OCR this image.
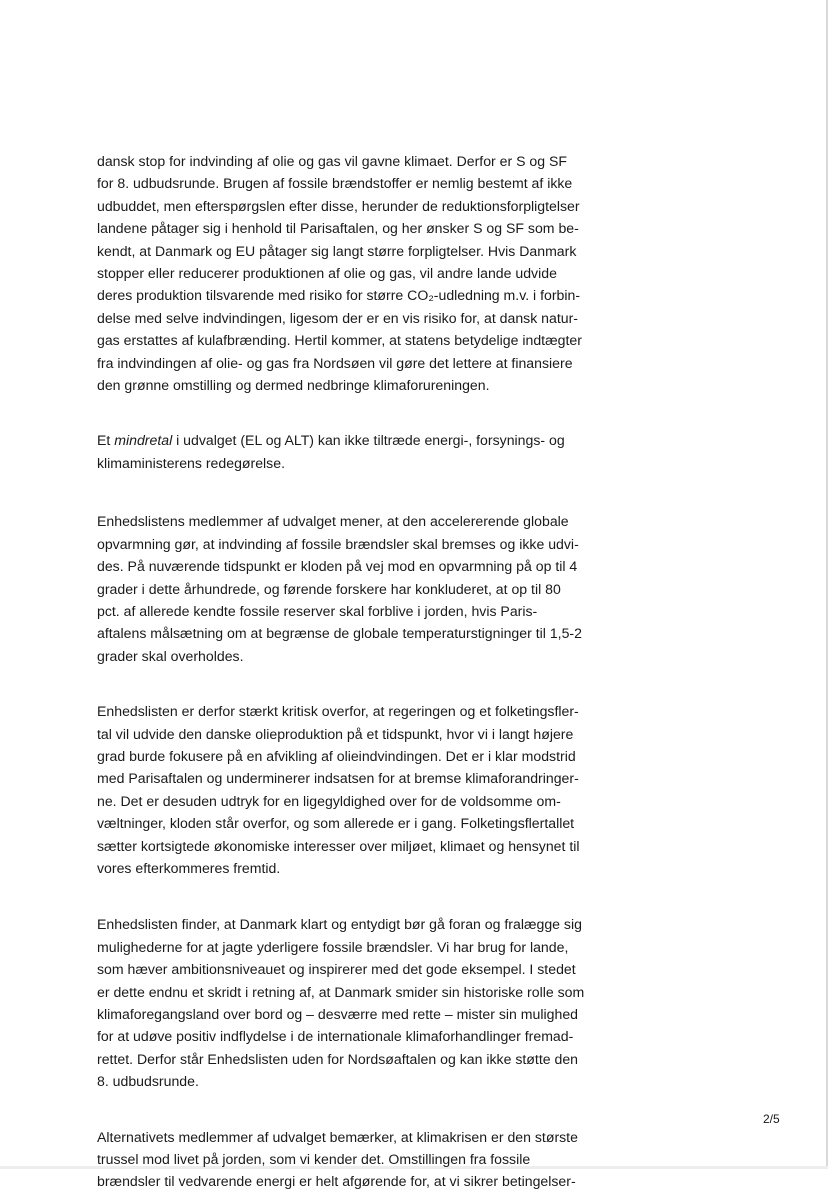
dansk stop for indvinding af olie og gas vil gavne klimaet. Derfor er S og SF
for 8. udbudsrunde. Brugen af fossile brændstoffer er nemlig bestemt af ikke
udbuddet, men efterspørgslen efter disse, herunder de reduktionsforpligtelser
landene påtager sig i henhold til Parisaftalen, og her ønsker S og SF som be-
kendt, at Danmark og EU påtager sig langt større forpligtelser. Hvis Danmark
stopper eller reducerer produktionen af olie og gas, vil andre lande udvide
deres produktion tilsvarende med risiko for større CO₂-udledning m.v. i forbin-
delse med selve indvindingen, ligesom der er en vis risiko for, at dansk natur-
gas erstattes af kulafbrænding. Hertil kommer, at statens betydelige indtægter
fra indvindingen af olie- og gas fra Nordsøen vil gøre det lettere at finansiere
den grønne omstilling og dermed nedbringe klimaforureningen.

Et mindretal i udvalget (EL og ALT) kan ikke tiltræde energi-, forsynings- og
klimaministerens redegørelse.

Enhedslistens medlemmer af udvalget mener, at den accelererende globale
opvarmning gør, at indvinding af fossile brændsler skal bremses og ikke udvi-
des. På nuværende tidspunkt er kloden på vej mod en opvarmning på op til 4
grader i dette århundrede, og førende forskere har konkluderet, at op til 80
pct. af allerede kendte fossile reserver skal forblive i jorden, hvis Paris-
aftalens målsætning om at begrænse de globale temperaturstigninger til 1,5-2
grader skal overholdes.

Enhedslisten er derfor stærkt kritisk overfor, at regeringen og et folketingsfler-
tal vil udvide den danske olieproduktion på et tidspunkt, hvor vi i langt højere
grad burde fokusere på en afvikling af olieindvindingen. Det er i klar modstrid
med Parisaftalen og underminerer indsatsen for at bremse klimaforandringer-
ne. Det er desuden udtryk for en ligegyldighed over for de voldsomme om-
væltninger, kloden står overfor, og som allerede er i gang. Folketingsflertallet
sætter kortsigtede økonomiske interesser over miljøet, klimaet og hensynet til
vores efterkommeres fremtid.

Enhedslisten finder, at Danmark klart og entydigt bør gå foran og fralægge sig
mulighederne for at jagte yderligere fossile brændsler. Vi har brug for lande,
som hæver ambitionsniveauet og inspirerer med det gode eksempel. I stedet
er dette endnu et skridt i retning af, at Danmark smider sin historiske rolle som
klimaforegangsland over bord og – desværre med rette – mister sin mulighed
for at udøve positiv indflydelse i de internationale klimaforhandlinger fremad-
rettet. Derfor står Enhedslisten uden for Nordsøaftalen og kan ikke støtte den
8. udbudsrunde.

Alternativets medlemmer af udvalget bemærker, at klimakrisen er den største
trussel mod livet på jorden, som vi kender det. Omstillingen fra fossile
brændsler til vedvarende energi er helt afgørende for, at vi sikrer betingelser-

2/5
